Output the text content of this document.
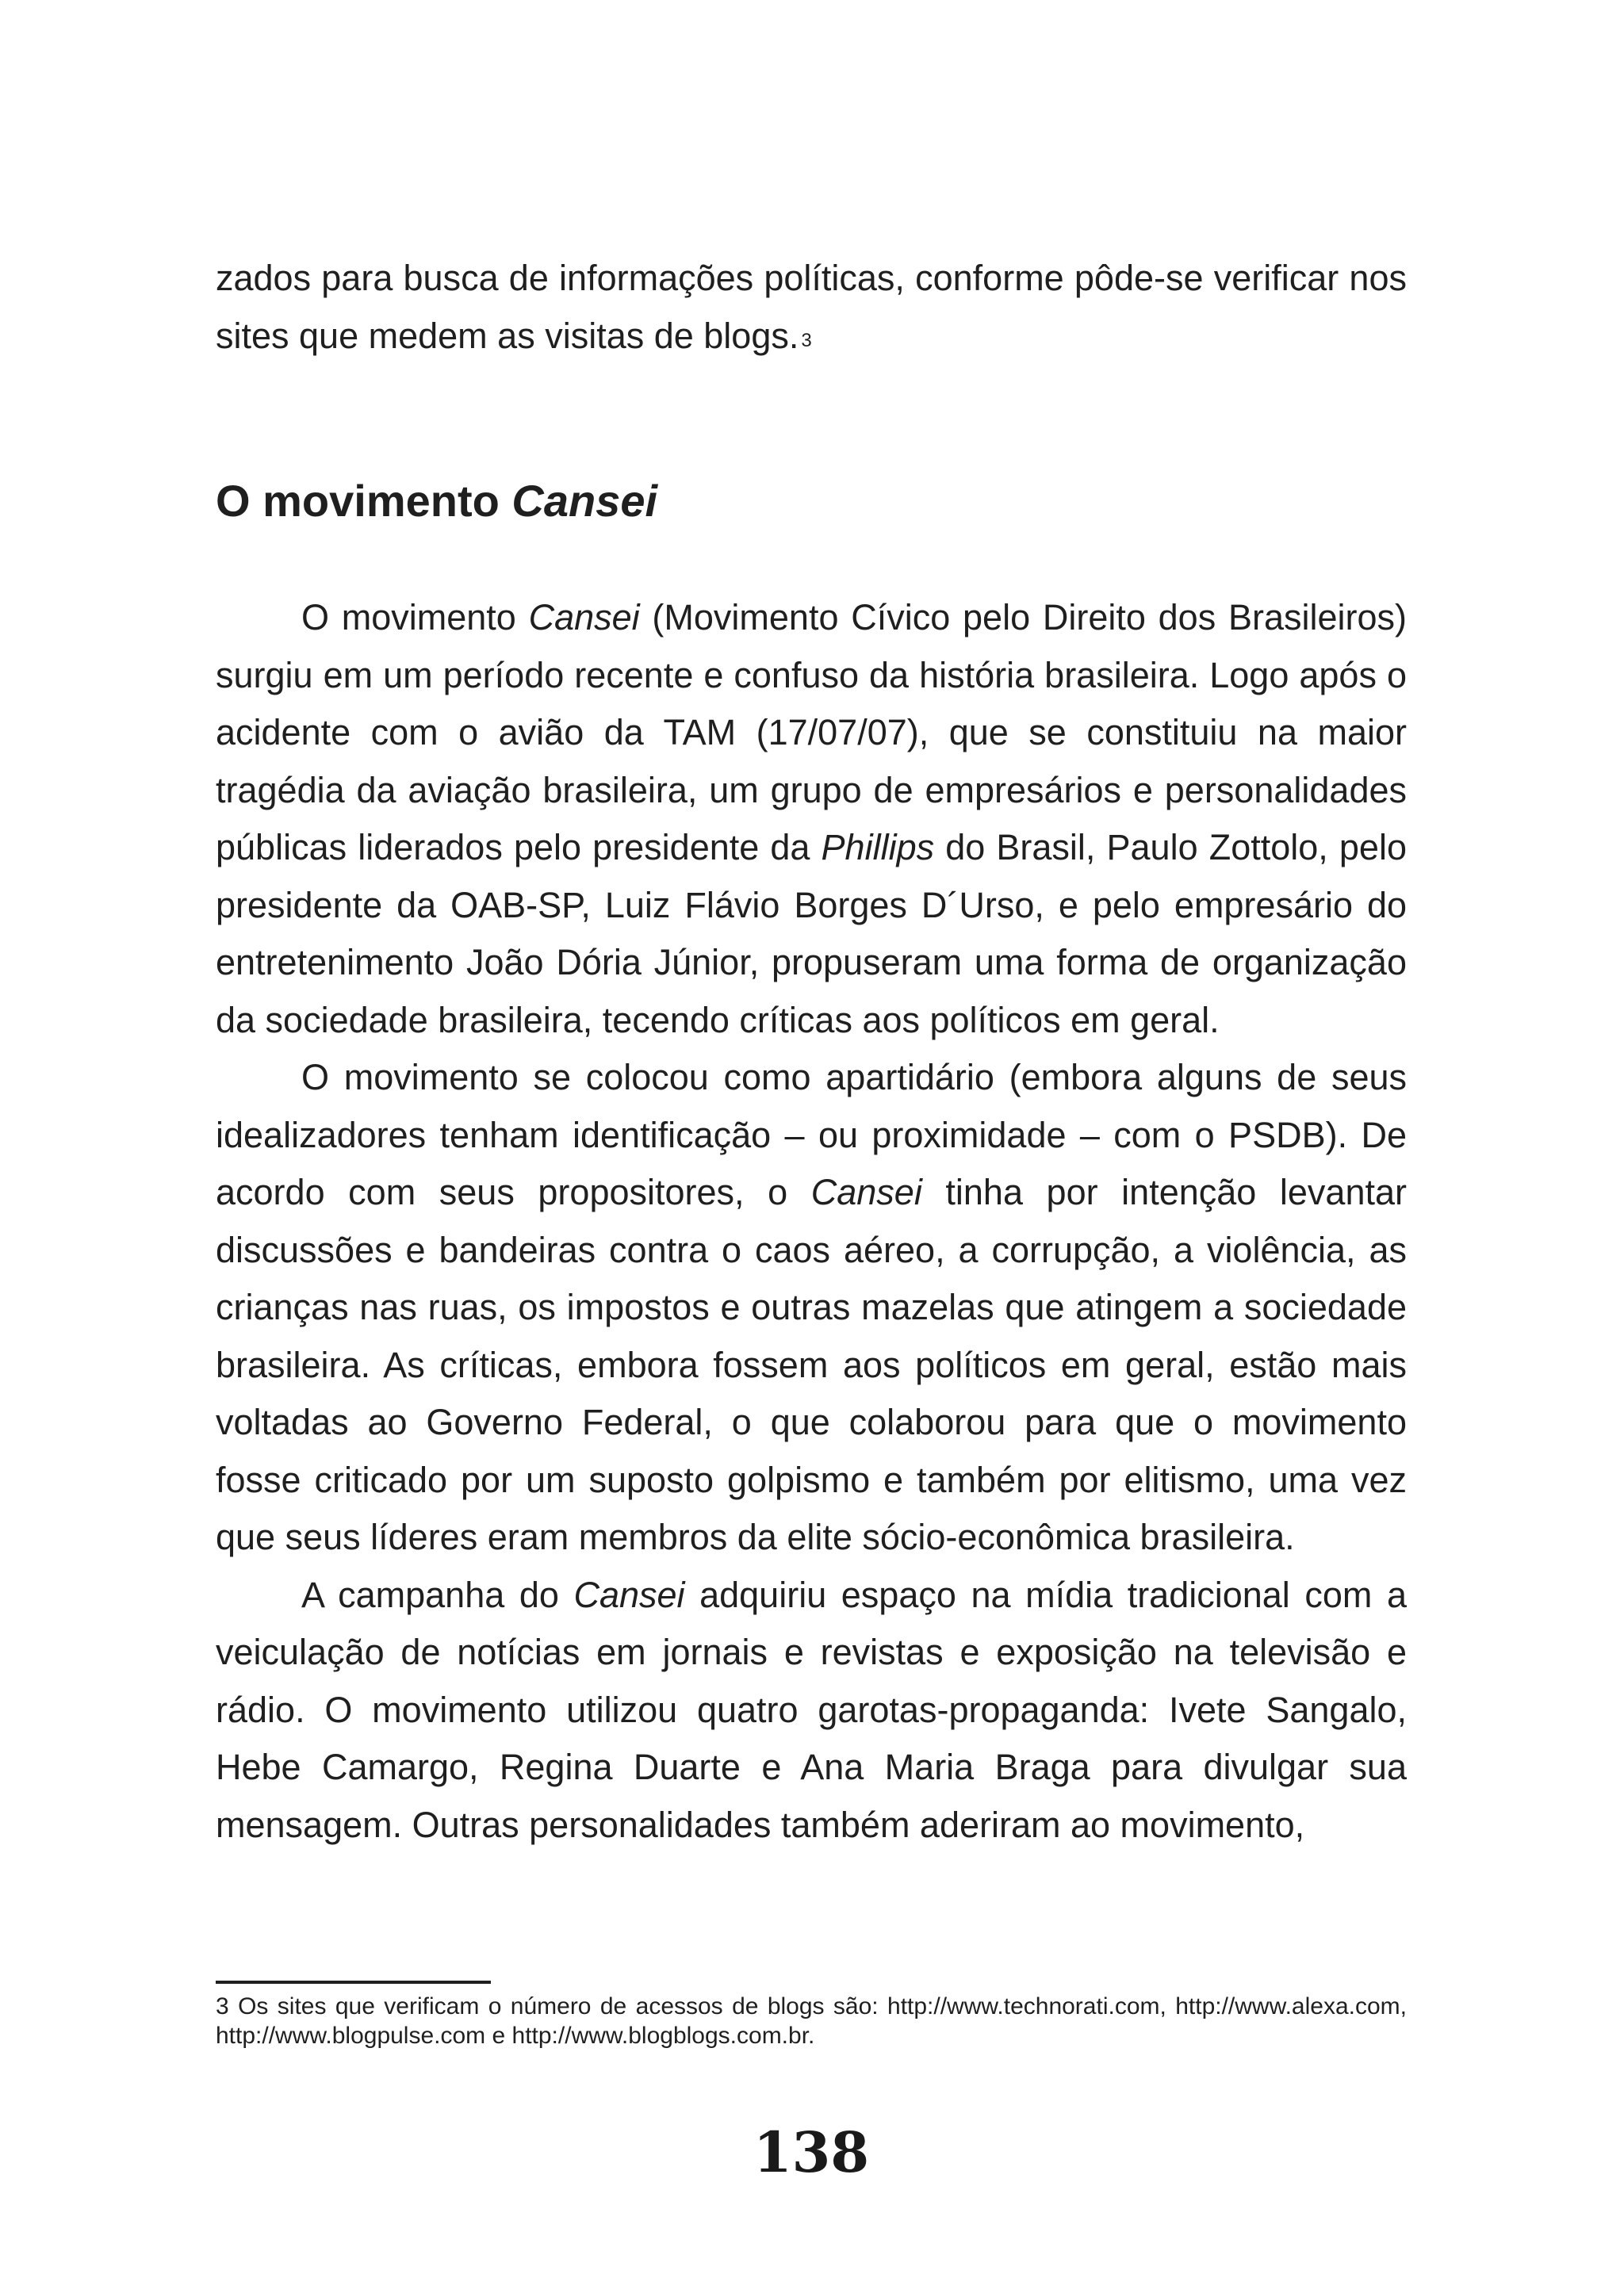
zados para busca de informações políticas, conforme pôde-se verificar nos sites que medem as visitas de blogs. $^3$

O movimento Cansei

O movimento Cansei (Movimento Cívico pelo Direito dos Brasileiros) surgiu em um período recente e confuso da história brasileira. Logo após o acidente com o avião da TAM (17/07/07), que se constituiu na maior tragédia da aviação brasileira, um grupo de empresários e personalidades públicas liderados pelo presidente da Phillips do Brasil, Paulo Zottolo, pelo presidente da OAB-SP, Luiz Flávio Borges D´Urso, e pelo empresário do entretenimento João Dória Júnior, propuseram uma forma de organização da sociedade brasileira, tecendo críticas aos políticos em geral.

O movimento se colocou como apartidário (embora alguns de seus idealizadores tenham identificação – ou proximidade – com o PSDB). De acordo com seus propositores, o Cansei tinha por intenção levantar discussões e bandeiras contra o caos aéreo, a corrupção, a violência, as crianças nas ruas, os impostos e outras mazelas que atingem a sociedade brasileira. As críticas, embora fossem aos políticos em geral, estão mais voltadas ao Governo Federal, o que colaborou para que o movimento fosse criticado por um suposto golpismo e também por elitismo, uma vez que seus líderes eram membros da elite sócio-econômica brasileira.

A campanha do Cansei adquiriu espaço na mídia tradicional com a veiculação de notícias em jornais e revistas e exposição na televisão e rádio. O movimento utilizou quatro garotas-propaganda: Ivete Sangalo, Hebe Camargo, Regina Duarte e Ana Maria Braga para divulgar sua mensagem. Outras personalidades também aderiram ao movimento,

3 Os sites que verificam o número de acessos de blogs são: http://www.technorati.com, http://www.alexa.com, http://www.blogpulse.com e http://www.blogblogs.com.br.

138
